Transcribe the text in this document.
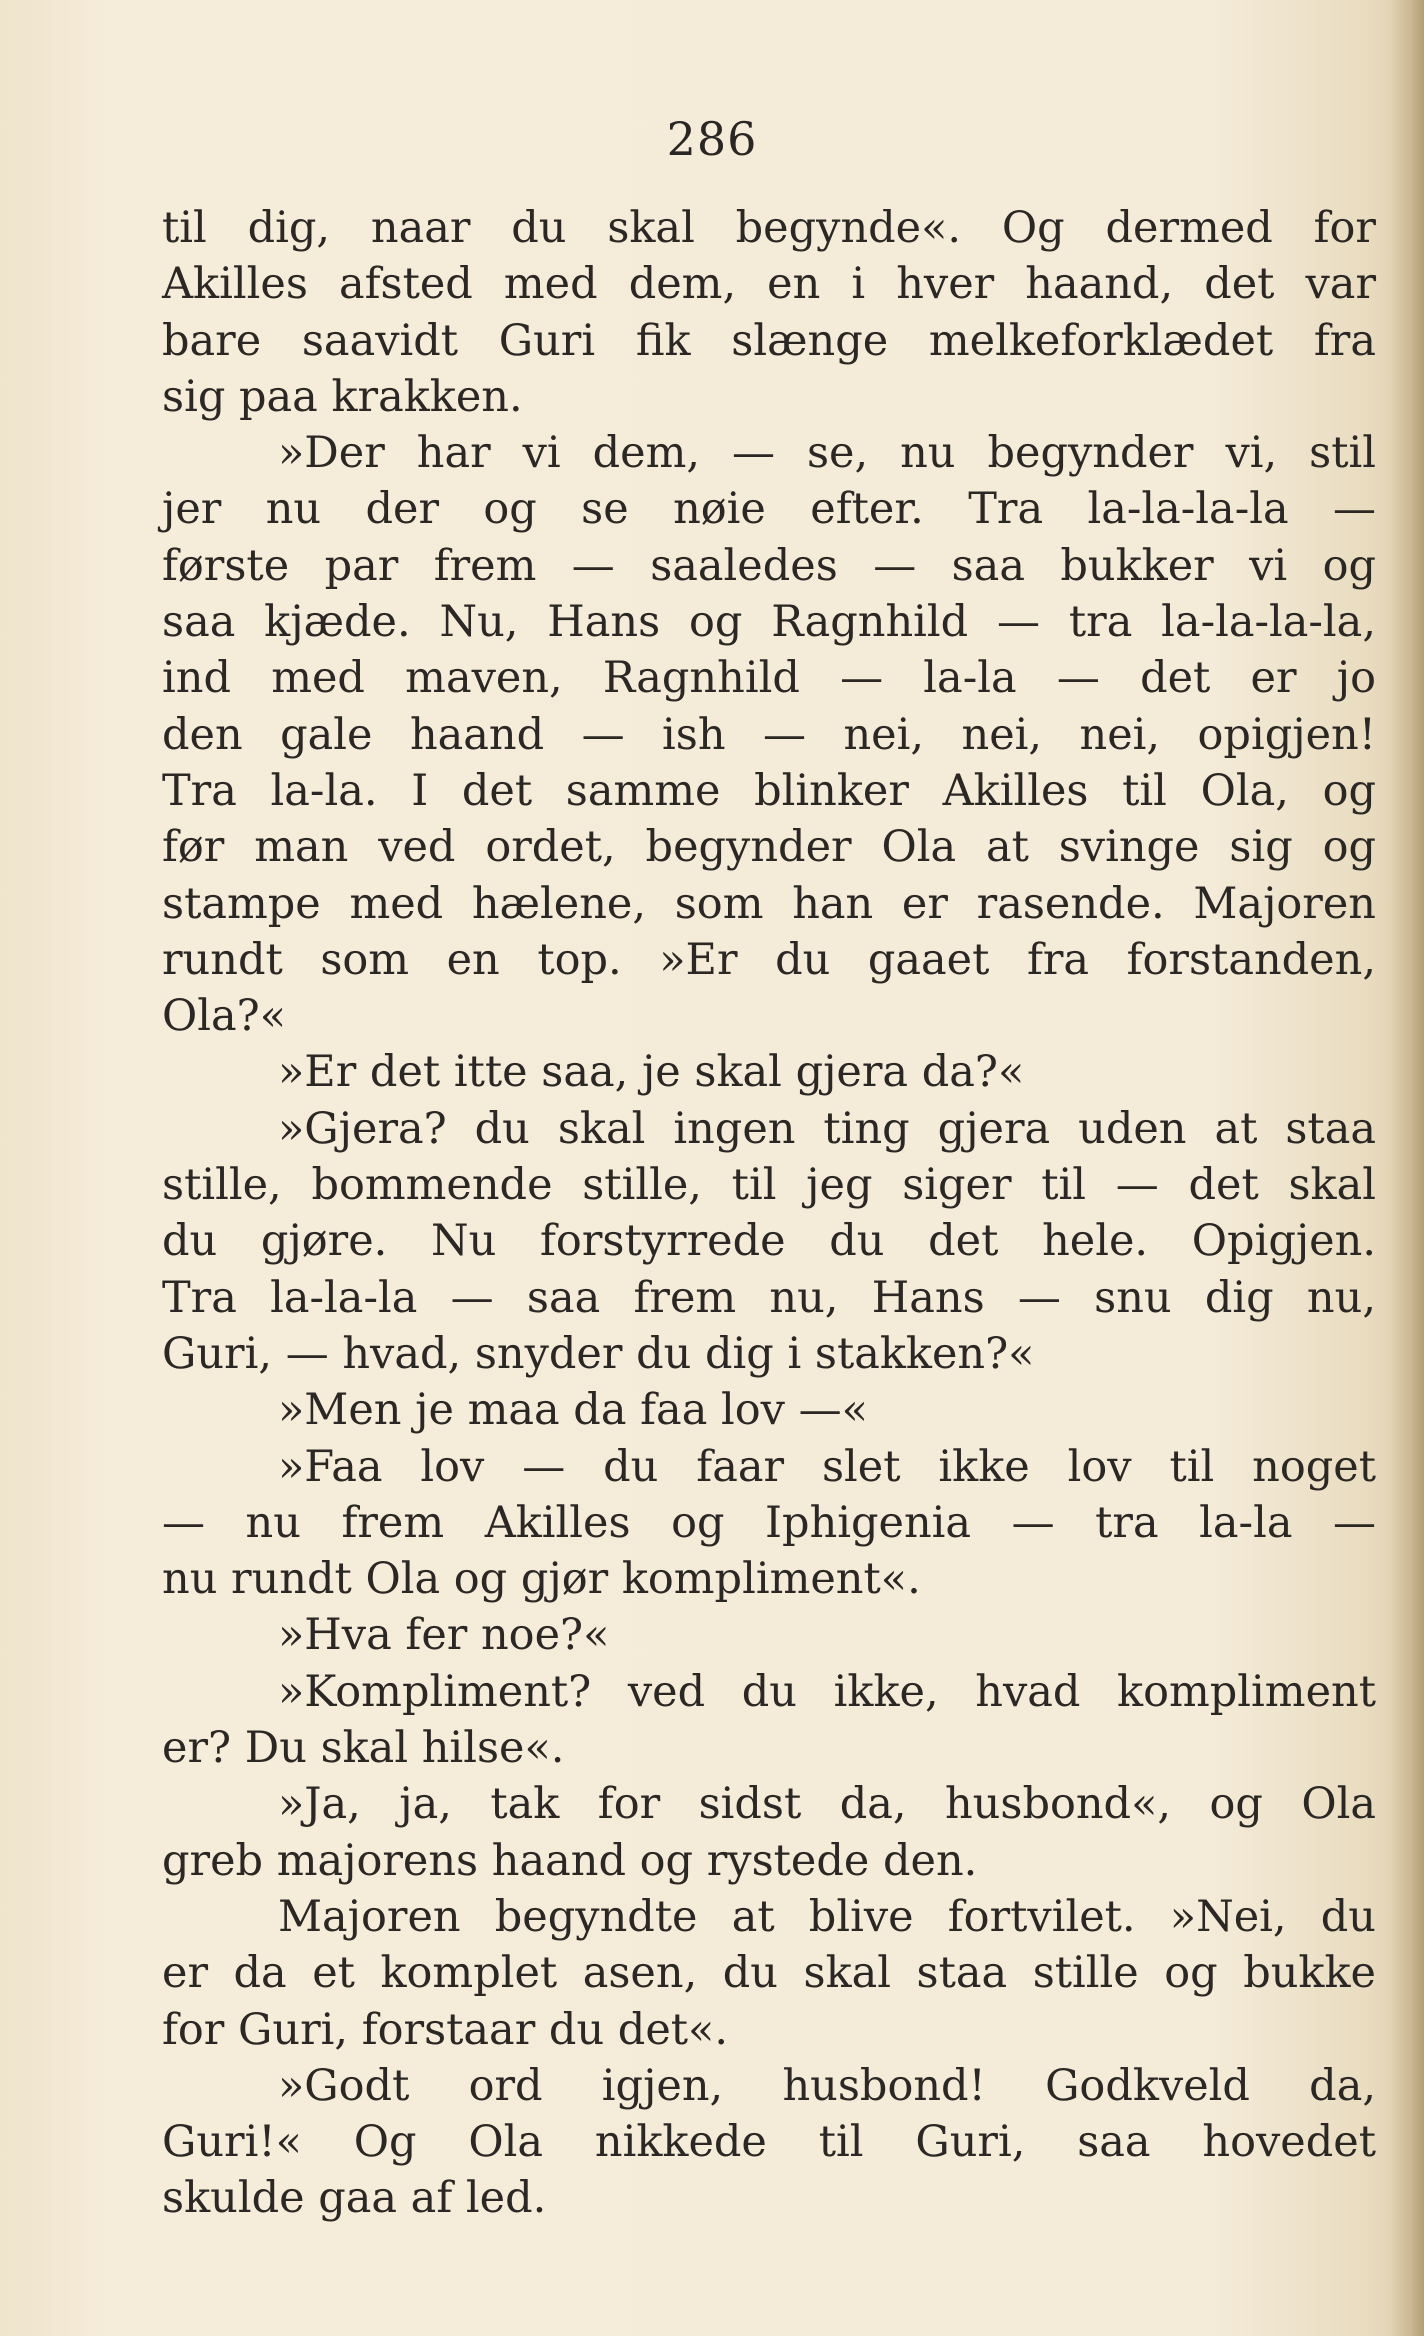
286
til dig, naar du skal begynde«. Og dermed for
Akilles afsted med dem, en i hver haand, det var
bare saavidt Guri fik slænge melkeforklædet fra
sig paa krakken.
»Der har vi dem, — se, nu begynder vi, stil
jer nu der og se nøie efter. Tra la-la-la-la —
første par frem — saaledes — saa bukker vi og
saa kjæde. Nu, Hans og Ragnhild — tra la-la-la-la,
ind med maven, Ragnhild — la-la — det er jo
den gale haand — ish — nei, nei, nei, opigjen!
Tra la-la. I det samme blinker Akilles til Ola, og
før man ved ordet, begynder Ola at svinge sig og
stampe med hælene, som han er rasende. Majoren
rundt som en top. »Er du gaaet fra forstanden,
Ola?«
»Er det itte saa, je skal gjera da?«
»Gjera? du skal ingen ting gjera uden at staa
stille, bommende stille, til jeg siger til — det skal
du gjøre. Nu forstyrrede du det hele. Opigjen.
Tra la-la-la — saa frem nu, Hans — snu dig nu,
Guri, — hvad, snyder du dig i stakken?«
»Men je maa da faa lov —«
»Faa lov — du faar slet ikke lov til noget
— nu frem Akilles og Iphigenia — tra la-la —
nu rundt Ola og gjør kompliment«.
»Hva fer noe?«
»Kompliment? ved du ikke, hvad kompliment
er? Du skal hilse«.
»Ja, ja, tak for sidst da, husbond«, og Ola
greb majorens haand og rystede den.
Majoren begyndte at blive fortvilet. »Nei, du
er da et komplet asen, du skal staa stille og bukke
for Guri, forstaar du det«.
»Godt ord igjen, husbond! Godkveld da,
Guri!« Og Ola nikkede til Guri, saa hovedet
skulde gaa af led.
